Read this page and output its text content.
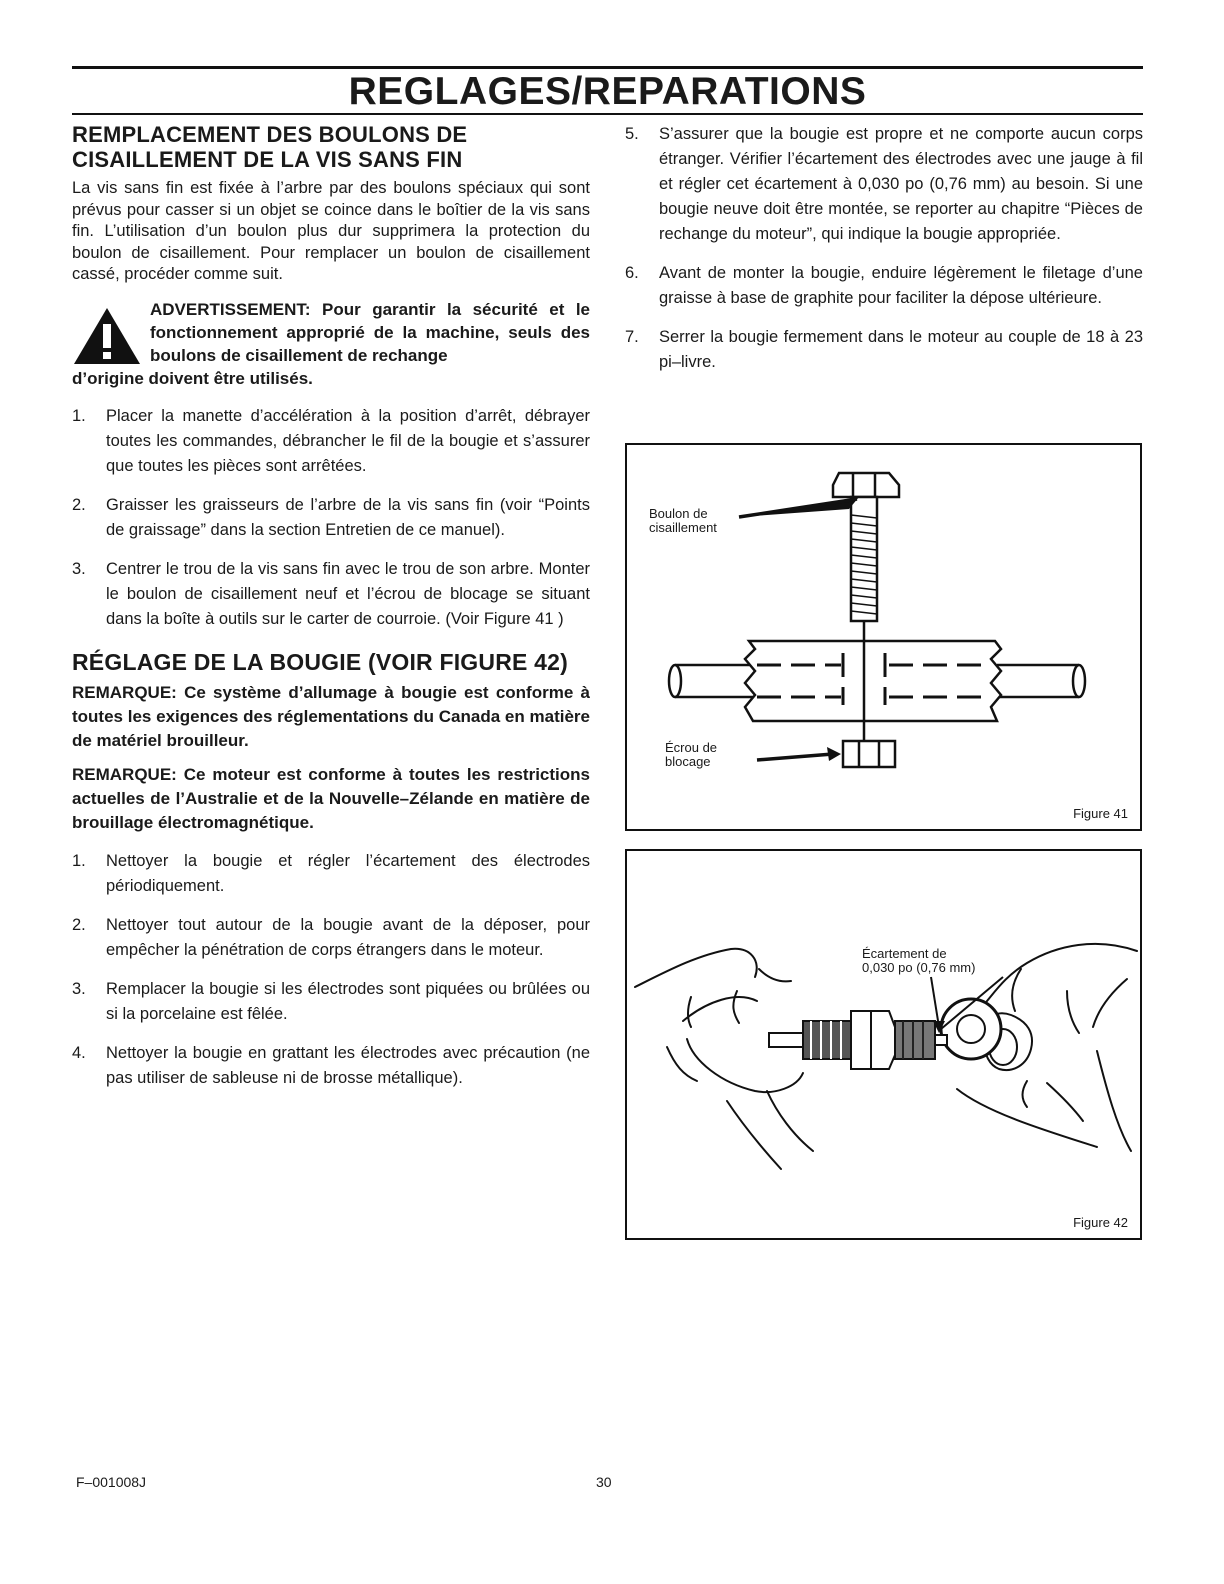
REGLAGES/REPARATIONS
REMPLACEMENT DES BOULONS DE
CISAILLEMENT DE LA VIS SANS FIN

La vis sans fin est fixée à l’arbre par des boulons spéciaux qui sont prévus pour casser si un objet se coince dans le boîtier de la vis sans fin. L’utilisation d’un boulon plus dur supprimera la protection du boulon de cisaillement. Pour remplacer un boulon de cisaillement cassé, procéder comme suit.

ADVERTISSEMENT: Pour garantir la sécurité et le fonctionnement approprié de la machine, seuls des boulons de cisaillement de rechange
d’origine doivent être utilisés.
1. Placer la manette d’accélération à la position d’arrêt, débrayer toutes les commandes, débrancher le fil de la bougie et s’assurer que toutes les pièces sont arrêtées.
2. Graisser les graisseurs de l’arbre de la vis sans fin (voir “Points de graissage” dans la section Entretien de ce manuel).
3. Centrer le trou de la vis sans fin avec le trou de son arbre. Monter le boulon de cisaillement neuf et l’écrou de blocage se situant dans la boîte à outils sur le carter de courroie. (Voir Figure 41 )
RÉGLAGE DE LA BOUGIE (VOIR FIGURE 42)
REMARQUE: Ce système d’allumage à bougie est conforme à toutes les exigences des réglementations du Canada en matière de matériel brouilleur.
REMARQUE: Ce moteur est conforme à toutes les restrictions actuelles de l’Australie et de la Nouvelle–Zélande en matière de brouillage électromagnétique.
1. Nettoyer la bougie et régler l’écartement des électrodes périodiquement.
2. Nettoyer tout autour de la bougie avant de la déposer, pour empêcher la pénétration de corps étrangers dans le moteur.
3. Remplacer la bougie si les électrodes sont piquées ou brûlées ou si la porcelaine est fêlée.
4. Nettoyer la bougie en grattant les électrodes avec précaution (ne pas utiliser de sableuse ni de brosse métallique).
5. S’assurer que la bougie est propre et ne comporte aucun corps étranger. Vérifier l’écartement des électrodes avec une jauge à fil et régler cet écartement à 0,030 po (0,76 mm) au besoin. Si une bougie neuve doit être montée, se reporter au chapitre “Pièces de rechange du moteur”, qui indique la bougie appropriée.
6. Avant de monter la bougie, enduire légèrement le filetage d’une graisse à base de graphite pour faciliter la dépose ultérieure.
7. Serrer la bougie fermement dans le moteur au couple de 18 à 23 pi–livre.
Boulon de
cisaillement
Écrou de
blocage
Figure 41
Écartement de
0,030 po (0,76 mm)
Figure 42
F–001008J	30
